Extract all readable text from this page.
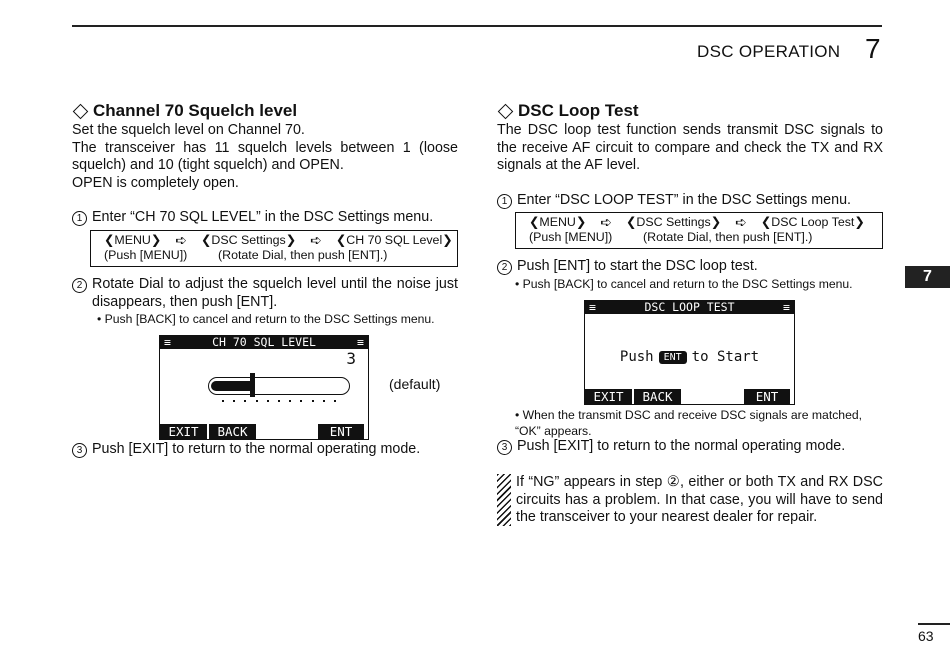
DSC OPERATION 7
7
Channel 70 Squelch level
Set the squelch level on Channel 70.
The transceiver has 11 squelch levels between 1 (loose squelch) and 10 (tight squelch) and OPEN.
OPEN is completely open.
1 Enter “CH 70 SQL LEVEL” in the DSC Settings menu.
❮MENU❯ ➪ ❮DSC Settings❯ ➪ ❮CH 70 SQL Level❯
(Push [MENU])	(Rotate Dial, then push [ENT].)
2 Rotate Dial to adjust the squelch level until the noise just disappears, then push [ENT].
• Push [BACK] to cancel and return to the DSC Settings menu.
≡	CH 70 SQL LEVEL	≡
3
EXIT	BACK	ENT
(default)
3 Push [EXIT] to return to the normal operating mode.
DSC Loop Test
The DSC loop test function sends transmit DSC signals to the receive AF circuit to compare and check the TX and RX signals at the AF level.
1 Enter “DSC LOOP TEST” in the DSC Settings menu.
❮MENU❯ ➪ ❮DSC Settings❯ ➪ ❮DSC Loop Test❯
(Push [MENU])	(Rotate Dial, then push [ENT].)
2 Push [ENT] to start the DSC loop test.
• Push [BACK] to cancel and return to the DSC Settings menu.
≡	DSC LOOP TEST	≡
Push	ENT to Start
EXIT	BACK	ENT
• When the transmit DSC and receive DSC signals are matched, “OK” appears.
3 Push [EXIT] to return to the normal operating mode.
If “NG” appears in step ②, either or both TX and RX DSC circuits has a problem. In that case, you will have to send the transceiver to your nearest dealer for repair.
63
